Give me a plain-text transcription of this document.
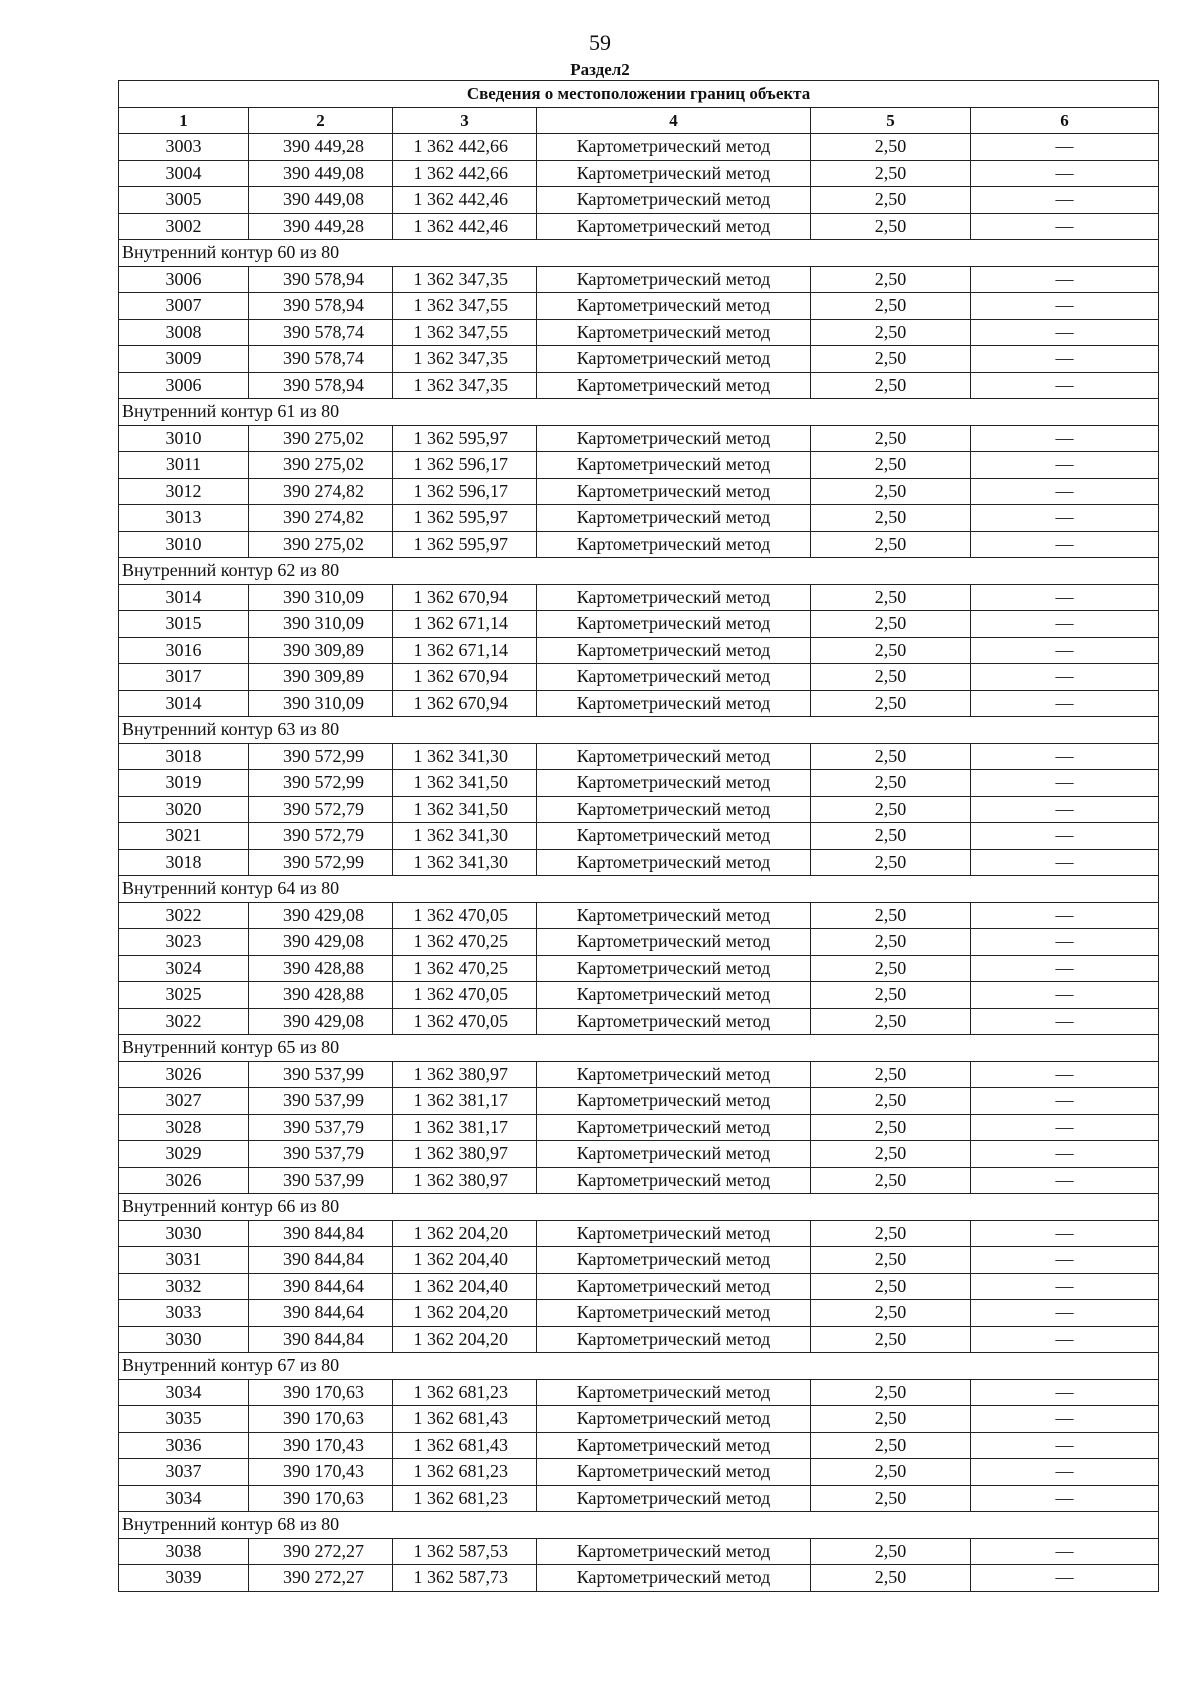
59
Раздел2
Сведения о местоположении границ объекта					
1	2	3	4	5	6
3003	390 449,28	1 362 442,66	Картометрический метод	2,50	—
3004	390 449,08	1 362 442,66	Картометрический метод	2,50	—
3005	390 449,08	1 362 442,46	Картометрический метод	2,50	—
3002	390 449,28	1 362 442,46	Картометрический метод	2,50	—
Внутренний контур 60 из 80					
3006	390 578,94	1 362 347,35	Картометрический метод	2,50	—
3007	390 578,94	1 362 347,55	Картометрический метод	2,50	—
3008	390 578,74	1 362 347,55	Картометрический метод	2,50	—
3009	390 578,74	1 362 347,35	Картометрический метод	2,50	—
3006	390 578,94	1 362 347,35	Картометрический метод	2,50	—
Внутренний контур 61 из 80					
3010	390 275,02	1 362 595,97	Картометрический метод	2,50	—
3011	390 275,02	1 362 596,17	Картометрический метод	2,50	—
3012	390 274,82	1 362 596,17	Картометрический метод	2,50	—
3013	390 274,82	1 362 595,97	Картометрический метод	2,50	—
3010	390 275,02	1 362 595,97	Картометрический метод	2,50	—
Внутренний контур 62 из 80					
3014	390 310,09	1 362 670,94	Картометрический метод	2,50	—
3015	390 310,09	1 362 671,14	Картометрический метод	2,50	—
3016	390 309,89	1 362 671,14	Картометрический метод	2,50	—
3017	390 309,89	1 362 670,94	Картометрический метод	2,50	—
3014	390 310,09	1 362 670,94	Картометрический метод	2,50	—
Внутренний контур 63 из 80					
3018	390 572,99	1 362 341,30	Картометрический метод	2,50	—
3019	390 572,99	1 362 341,50	Картометрический метод	2,50	—
3020	390 572,79	1 362 341,50	Картометрический метод	2,50	—
3021	390 572,79	1 362 341,30	Картометрический метод	2,50	—
3018	390 572,99	1 362 341,30	Картометрический метод	2,50	—
Внутренний контур 64 из 80					
3022	390 429,08	1 362 470,05	Картометрический метод	2,50	—
3023	390 429,08	1 362 470,25	Картометрический метод	2,50	—
3024	390 428,88	1 362 470,25	Картометрический метод	2,50	—
3025	390 428,88	1 362 470,05	Картометрический метод	2,50	—
3022	390 429,08	1 362 470,05	Картометрический метод	2,50	—
Внутренний контур 65 из 80					
3026	390 537,99	1 362 380,97	Картометрический метод	2,50	—
3027	390 537,99	1 362 381,17	Картометрический метод	2,50	—
3028	390 537,79	1 362 381,17	Картометрический метод	2,50	—
3029	390 537,79	1 362 380,97	Картометрический метод	2,50	—
3026	390 537,99	1 362 380,97	Картометрический метод	2,50	—
Внутренний контур 66 из 80					
3030	390 844,84	1 362 204,20	Картометрический метод	2,50	—
3031	390 844,84	1 362 204,40	Картометрический метод	2,50	—
3032	390 844,64	1 362 204,40	Картометрический метод	2,50	—
3033	390 844,64	1 362 204,20	Картометрический метод	2,50	—
3030	390 844,84	1 362 204,20	Картометрический метод	2,50	—
Внутренний контур 67 из 80					
3034	390 170,63	1 362 681,23	Картометрический метод	2,50	—
3035	390 170,63	1 362 681,43	Картометрический метод	2,50	—
3036	390 170,43	1 362 681,43	Картометрический метод	2,50	—
3037	390 170,43	1 362 681,23	Картометрический метод	2,50	—
3034	390 170,63	1 362 681,23	Картометрический метод	2,50	—
Внутренний контур 68 из 80					
3038	390 272,27	1 362 587,53	Картометрический метод	2,50	—
3039	390 272,27	1 362 587,73	Картометрический метод	2,50	—
